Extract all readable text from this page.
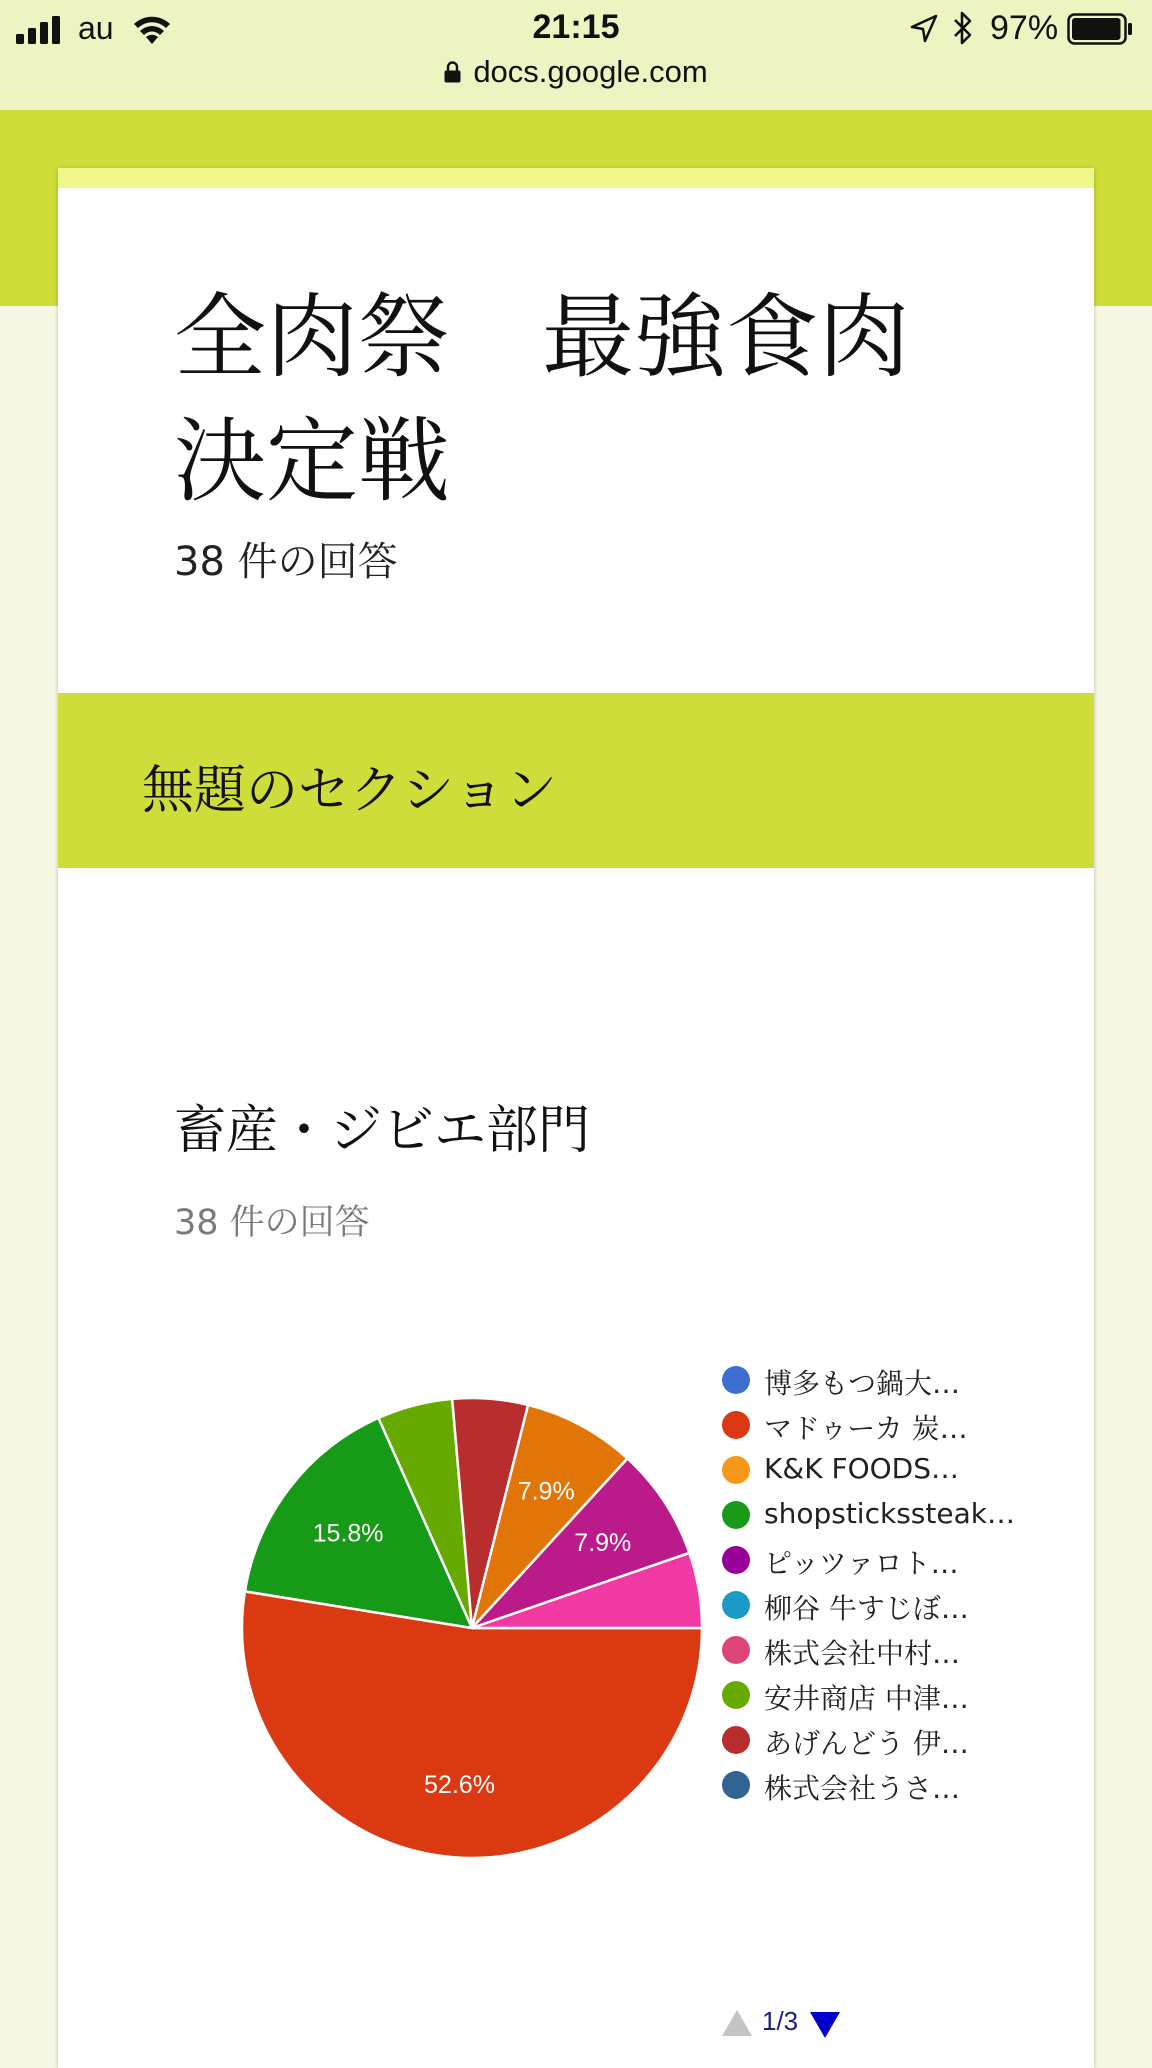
au	21:15	97%
docs.google.com
全肉祭　最強食肉
決定戦
38 件の回答
無題のセクション
畜産・ジビエ部門
38 件の回答
52.6%
15.8%
7.9%
7.9%
博多もつ鍋大…
マドゥーカ 炭…
K&K FOODS…
shopstickssteak…
ピッツァロト…
柳谷 牛すじぼ…
株式会社中村…
安井商店 中津…
あげんどう 伊…
株式会社うさ…
1/3
